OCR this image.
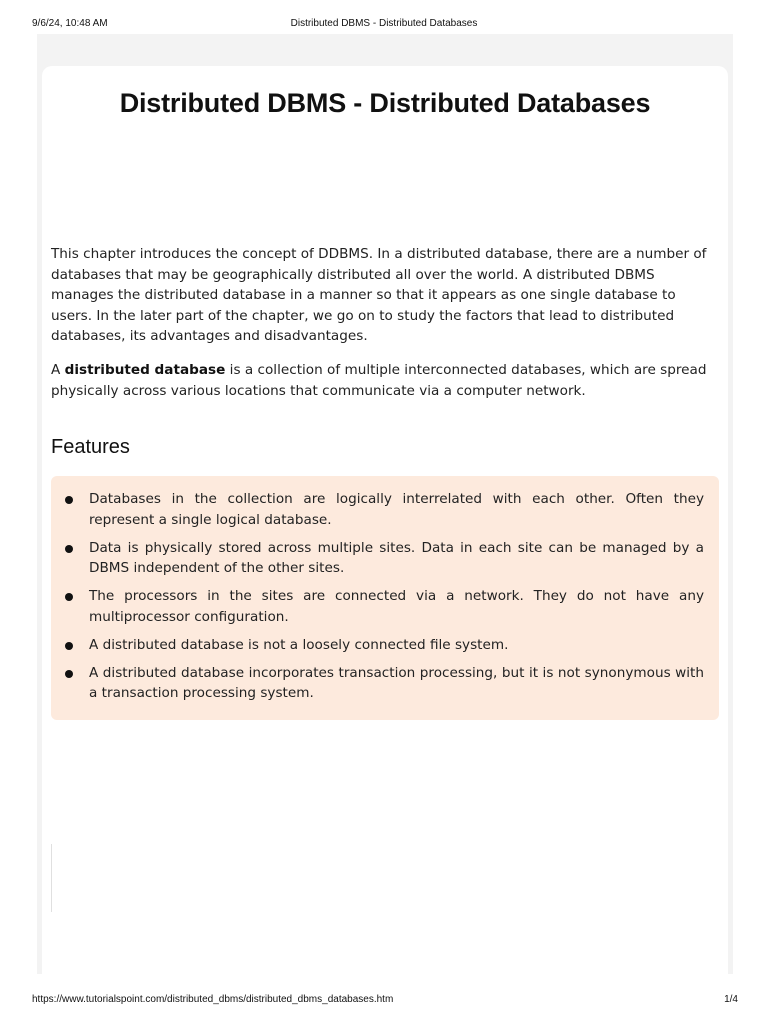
9/6/24, 10:48 AM	Distributed DBMS - Distributed Databases
Distributed DBMS - Distributed Databases

This chapter introduces the concept of DDBMS. In a distributed database, there are a number of databases that may be geographically distributed all over the world. A distributed DBMS manages the distributed database in a manner so that it appears as one single database to users. In the later part of the chapter, we go on to study the factors that lead to distributed databases, its advantages and disadvantages.

A distributed database is a collection of multiple interconnected databases, which are spread physically across various locations that communicate via a computer network.

Features
Databases in the collection are logically interrelated with each other. Often they represent a single logical database.
Data is physically stored across multiple sites. Data in each site can be managed by a DBMS independent of the other sites.
The processors in the sites are connected via a network. They do not have any multiprocessor configuration.
A distributed database is not a loosely connected file system.
A distributed database incorporates transaction processing, but it is not synonymous with a transaction processing system.
https://www.tutorialspoint.com/distributed_dbms/distributed_dbms_databases.htm	1/4
